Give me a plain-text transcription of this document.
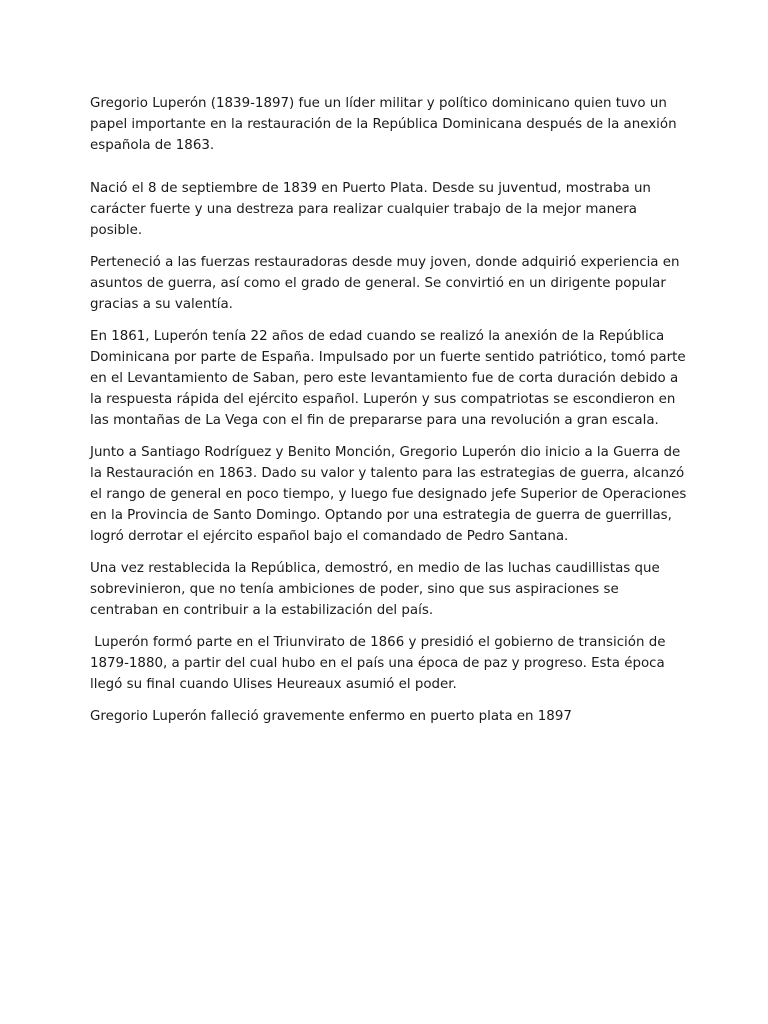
Gregorio Luperón (1839-1897) fue un líder militar y político dominicano quien tuvo un papel importante en la restauración de la República Dominicana después de la anexión española de 1863.

Nació el 8 de septiembre de 1839 en Puerto Plata. Desde su juventud, mostraba un carácter fuerte y una destreza para realizar cualquier trabajo de la mejor manera posible.

Perteneció a las fuerzas restauradoras desde muy joven, donde adquirió experiencia en asuntos de guerra, así como el grado de general. Se convirtió en un dirigente popular gracias a su valentía.

En 1861, Luperón tenía 22 años de edad cuando se realizó la anexión de la República Dominicana por parte de España. Impulsado por un fuerte sentido patriótico, tomó parte en el Levantamiento de Saban, pero este levantamiento fue de corta duración debido a la respuesta rápida del ejército español. Luperón y sus compatriotas se escondieron en las montañas de La Vega con el fin de prepararse para una revolución a gran escala.

Junto a Santiago Rodríguez y Benito Monción, Gregorio Luperón dio inicio a la Guerra de la Restauración en 1863. Dado su valor y talento para las estrategias de guerra, alcanzó el rango de general en poco tiempo, y luego fue designado jefe Superior de Operaciones en la Provincia de Santo Domingo. Optando por una estrategia de guerra de guerrillas, logró derrotar el ejército español bajo el comandado de Pedro Santana.

Una vez restablecida la República, demostró, en medio de las luchas caudillistas que sobrevinieron, que no tenía ambiciones de poder, sino que sus aspiraciones se centraban en contribuir a la estabilización del país.

Luperón formó parte en el Triunvirato de 1866 y presidió el gobierno de transición de 1879-1880, a partir del cual hubo en el país una época de paz y progreso. Esta época llegó su final cuando Ulises Heureaux asumió el poder.

Gregorio Luperón falleció gravemente enfermo en puerto plata en 1897
